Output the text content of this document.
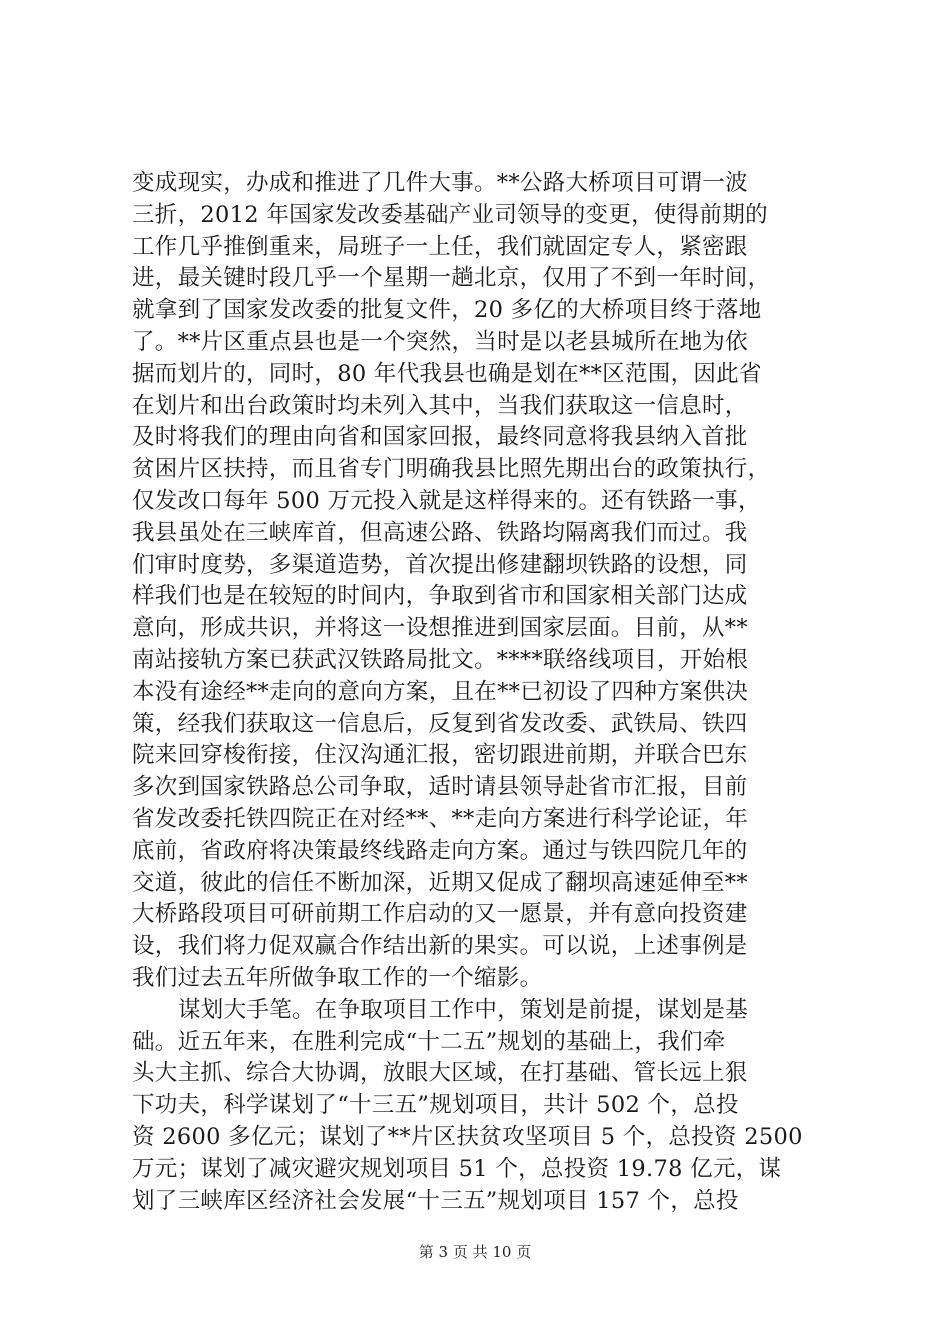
变成现实，办成和推进了几件大事。**公路大桥项目可谓一波
三折，2012 年国家发改委基础产业司领导的变更，使得前期的
工作几乎推倒重来，局班子一上任，我们就固定专人，紧密跟
进，最关键时段几乎一个星期一趟北京，仅用了不到一年时间，
就拿到了国家发改委的批复文件，20 多亿的大桥项目终于落地
了。**片区重点县也是一个突然，当时是以老县城所在地为依
据而划片的，同时，80 年代我县也确是划在**区范围，因此省
在划片和出台政策时均未列入其中，当我们获取这一信息时，
及时将我们的理由向省和国家回报，最终同意将我县纳入首批
贫困片区扶持，而且省专门明确我县比照先期出台的政策执行，
仅发改口每年 500 万元投入就是这样得来的。还有铁路一事，
我县虽处在三峡库首，但高速公路、铁路均隔离我们而过。我
们审时度势，多渠道造势，首次提出修建翻坝铁路的设想，同
样我们也是在较短的时间内，争取到省市和国家相关部门达成
意向，形成共识，并将这一设想推进到国家层面。目前，从**
南站接轨方案已获武汉铁路局批文。****联络线项目，开始根
本没有途经**走向的意向方案，且在**已初设了四种方案供决
策，经我们获取这一信息后，反复到省发改委、武铁局、铁四
院来回穿梭衔接，住汉沟通汇报，密切跟进前期，并联合巴东
多次到国家铁路总公司争取，适时请县领导赴省市汇报，目前
省发改委托铁四院正在对经**、**走向方案进行科学论证，年
底前，省政府将决策最终线路走向方案。通过与铁四院几年的
交道，彼此的信任不断加深，近期又促成了翻坝高速延伸至**
大桥路段项目可研前期工作启动的又一愿景，并有意向投资建
设，我们将力促双赢合作结出新的果实。可以说，上述事例是
我们过去五年所做争取工作的一个缩影。
谋划大手笔。在争取项目工作中，策划是前提，谋划是基
础。近五年来，在胜利完成“十二五”规划的基础上，我们牵
头大主抓、综合大协调，放眼大区域，在打基础、管长远上狠
下功夫，科学谋划了“十三五”规划项目，共计 502 个，总投
资 2600 多亿元；谋划了**片区扶贫攻坚项目 5 个，总投资 2500
万元；谋划了减灾避灾规划项目 51 个，总投资 19.78 亿元，谋
划了三峡库区经济社会发展“十三五”规划项目 157 个，总投
第 3 页 共 10 页
